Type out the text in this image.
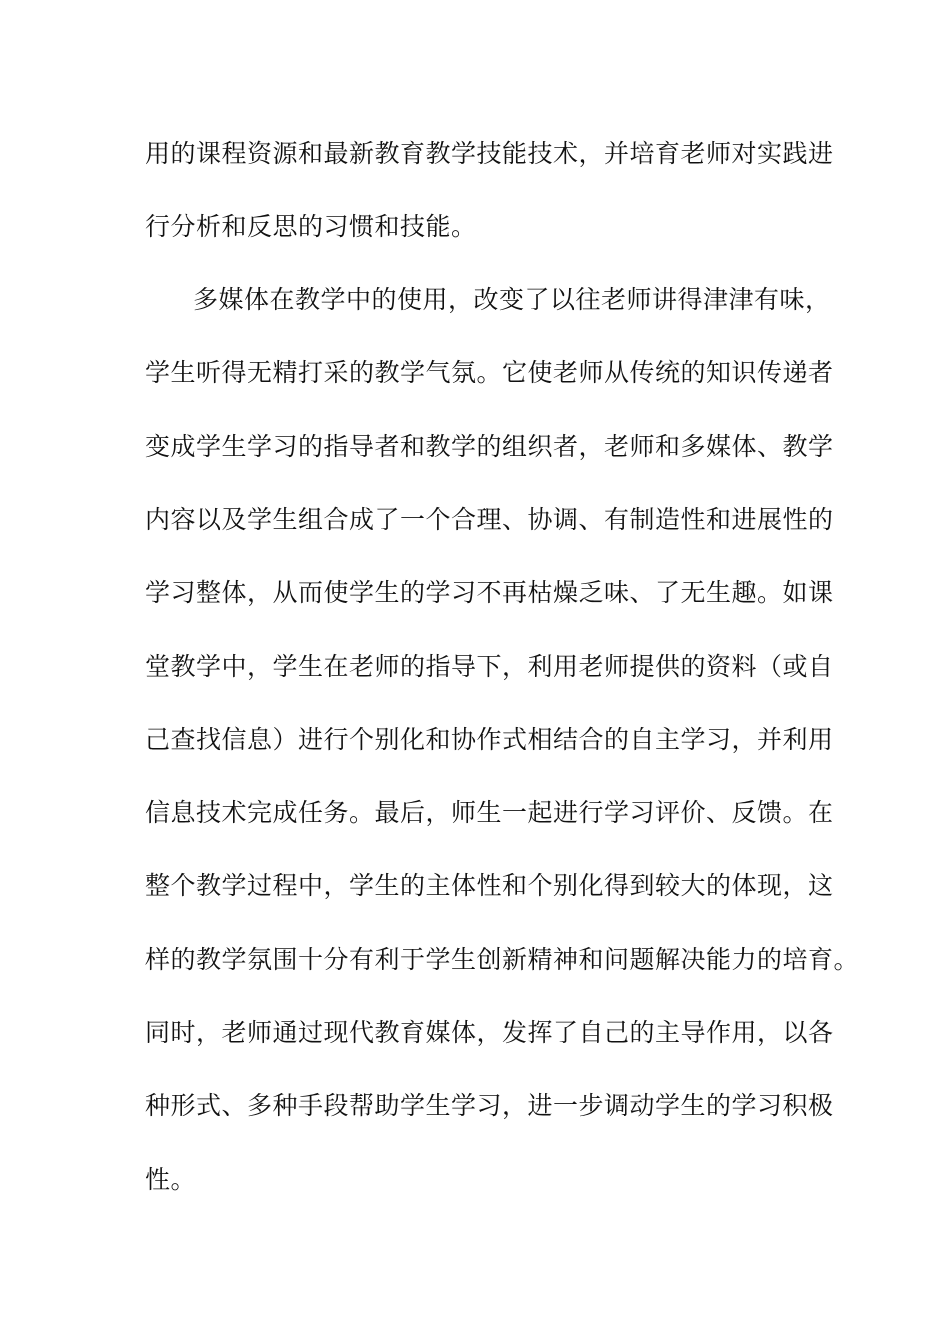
用的课程资源和最新教育教学技能技术，并培育老师对实践进
行分析和反思的习惯和技能。
多媒体在教学中的使用，改变了以往老师讲得津津有味，
学生听得无精打采的教学气氛。它使老师从传统的知识传递者
变成学生学习的指导者和教学的组织者，老师和多媒体、教学
内容以及学生组合成了一个合理、协调、有制造性和进展性的
学习整体，从而使学生的学习不再枯燥乏味、了无生趣。如课
堂教学中，学生在老师的指导下，利用老师提供的资料（或自
己查找信息）进行个别化和协作式相结合的自主学习，并利用
信息技术完成任务。最后，师生一起进行学习评价、反馈。在
整个教学过程中，学生的主体性和个别化得到较大的体现，这
样的教学氛围十分有利于学生创新精神和问题解决能力的培育。
同时，老师通过现代教育媒体，发挥了自己的主导作用，以各
种形式、多种手段帮助学生学习，进一步调动学生的学习积极
性。
